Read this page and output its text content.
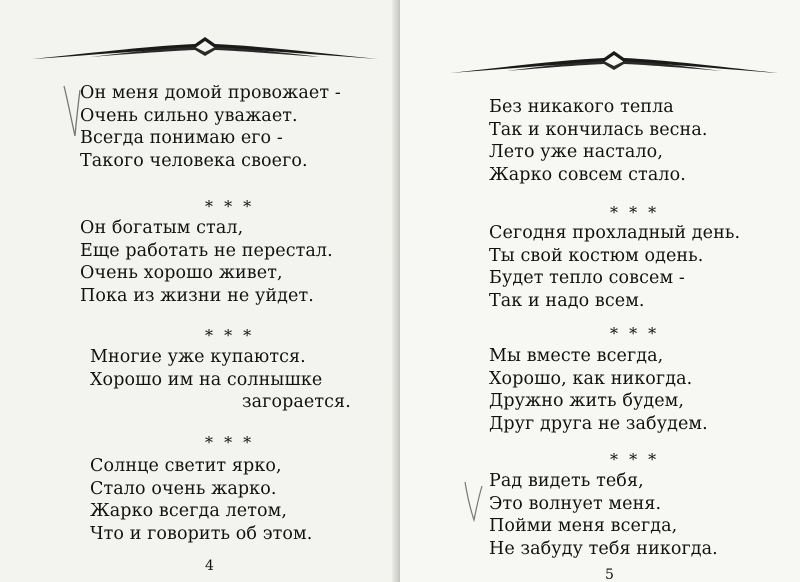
Он меня домой провожает -
Очень сильно уважает.
Всегда понимаю его -
Такого человека своего.
* * *
Он богатым стал,
Еще работать не перестал.
Очень хорошо живет,
Пока из жизни не уйдет.
* * *
Многие уже купаются.
Хорошо им на солнышке
загорается.
* * *
Солнце светит ярко,
Стало очень жарко.
Жарко всегда летом,
Что и говорить об этом.
4
Без никакого тепла
Так и кончилась весна.
Лето уже настало,
Жарко совсем стало.
* * *
Сегодня прохладный день.
Ты свой костюм одень.
Будет тепло совсем -
Так и надо всем.
* * *
Мы вместе всегда,
Хорошо, как никогда.
Дружно жить будем,
Друг друга не забудем.
* * *
Рад видеть тебя,
Это волнует меня.
Пойми меня всегда,
Не забуду тебя никогда.
5
